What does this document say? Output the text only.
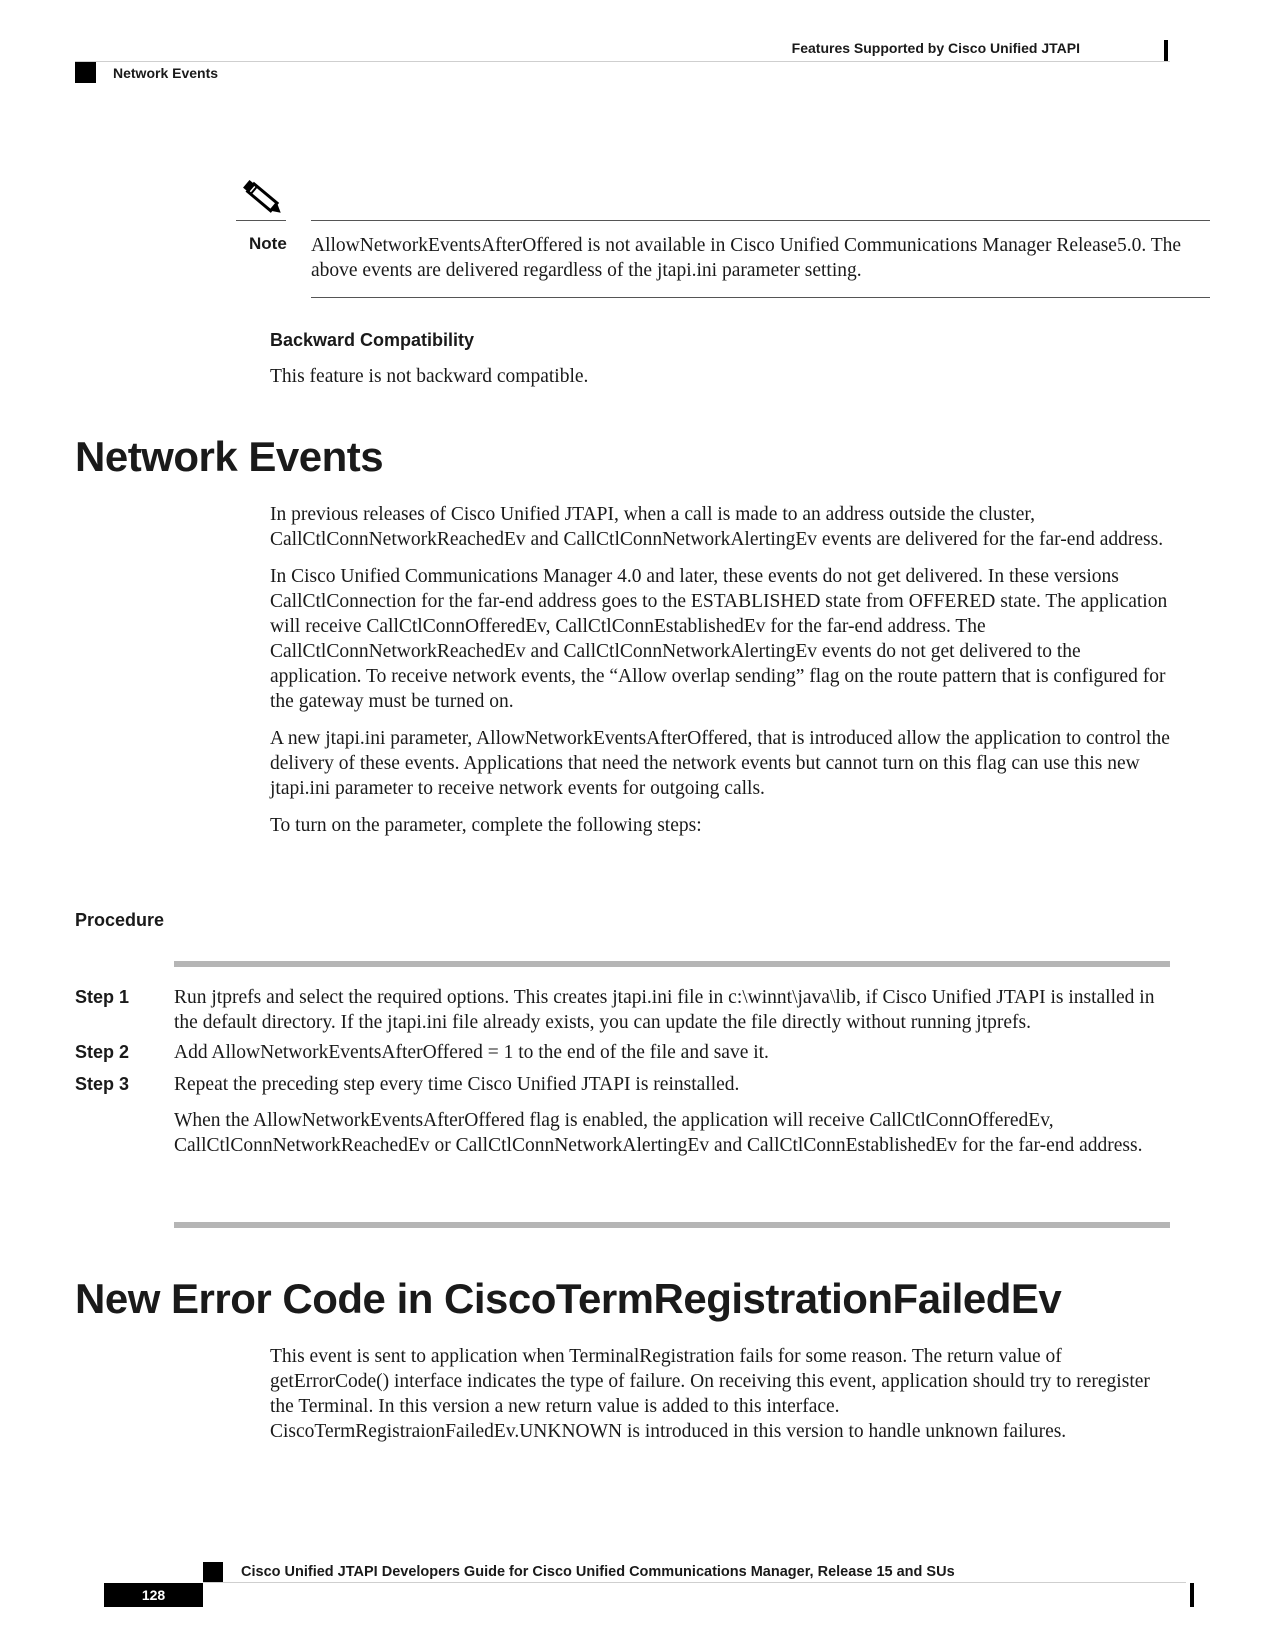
Features Supported by Cisco Unified JTAPI
Network Events
Note AllowNetworkEventsAfterOffered is not available in Cisco Unified Communications Manager Release5.0. The above events are delivered regardless of the jtapi.ini parameter setting.

Backward Compatibility

This feature is not backward compatible.

Network Events

In previous releases of Cisco Unified JTAPI, when a call is made to an address outside the cluster, CallCtlConnNetworkReachedEv and CallCtlConnNetworkAlertingEv events are delivered for the far-end address.

In Cisco Unified Communications Manager 4.0 and later, these events do not get delivered. In these versions CallCtlConnection for the far-end address goes to the ESTABLISHED state from OFFERED state. The application will receive CallCtlConnOfferedEv, CallCtlConnEstablishedEv for the far-end address. The CallCtlConnNetworkReachedEv and CallCtlConnNetworkAlertingEv events do not get delivered to the application. To receive network events, the “Allow overlap sending” flag on the route pattern that is configured for the gateway must be turned on.

A new jtapi.ini parameter, AllowNetworkEventsAfterOffered, that is introduced allow the application to control the delivery of these events. Applications that need the network events but cannot turn on this flag can use this new jtapi.ini parameter to receive network events for outgoing calls.

To turn on the parameter, complete the following steps:

Procedure
Step 1 Run jtprefs and select the required options. This creates jtapi.ini file in c:\winnt\java\lib, if Cisco Unified JTAPI is installed in the default directory. If the jtapi.ini file already exists, you can update the file directly without running jtprefs.

Step 2 Add AllowNetworkEventsAfterOffered = 1 to the end of the file and save it.

Step 3 Repeat the preceding step every time Cisco Unified JTAPI is reinstalled.

When the AllowNetworkEventsAfterOffered flag is enabled, the application will receive CallCtlConnOfferedEv, CallCtlConnNetworkReachedEv or CallCtlConnNetworkAlertingEv and CallCtlConnEstablishedEv for the far-end address.

New Error Code in CiscoTermRegistrationFailedEv

This event is sent to application when TerminalRegistration fails for some reason. The return value of getErrorCode() interface indicates the type of failure. On receiving this event, application should try to reregister the Terminal. In this version a new return value is added to this interface. CiscoTermRegistraionFailedEv.UNKNOWN is introduced in this version to handle unknown failures.

Cisco Unified JTAPI Developers Guide for Cisco Unified Communications Manager, Release 15 and SUs
128
